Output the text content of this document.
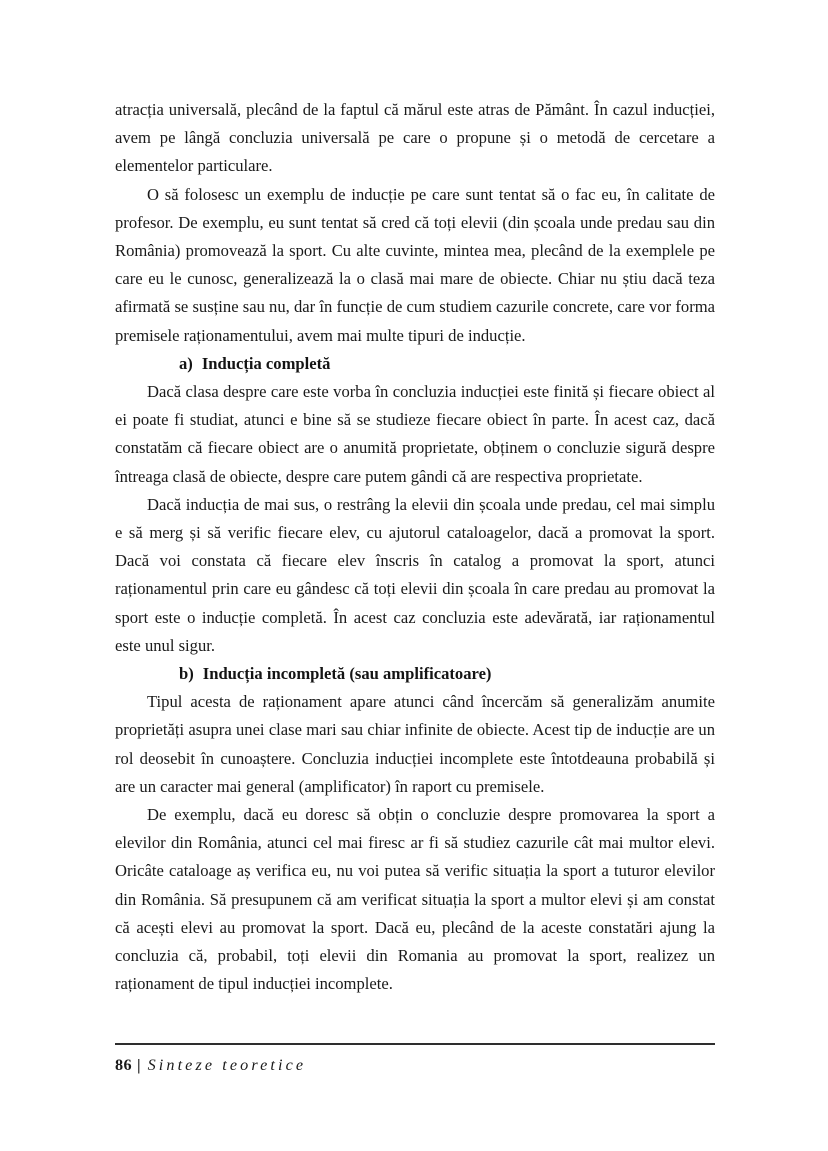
atracția universală, plecând de la faptul că mărul este atras de Pământ. În cazul inducției, avem pe lângă concluzia universală pe care o propune și o metodă de cercetare a elementelor particulare.

O să folosesc un exemplu de inducție pe care sunt tentat să o fac eu, în calitate de profesor. De exemplu, eu sunt tentat să cred că toți elevii (din școala unde predau sau din România) promovează la sport. Cu alte cuvinte, mintea mea, plecând de la exemplele pe care eu le cunosc, generalizează la o clasă mai mare de obiecte. Chiar nu știu dacă teza afirmată se susține sau nu, dar în funcție de cum studiem cazurile concrete, care vor forma premisele raționamentului, avem mai multe tipuri de inducție.

a) Inducția completă

Dacă clasa despre care este vorba în concluzia inducției este finită și fiecare obiect al ei poate fi studiat, atunci e bine să se studieze fiecare obiect în parte. În acest caz, dacă constatăm că fiecare obiect are o anumită proprietate, obținem o concluzie sigură despre întreaga clasă de obiecte, despre care putem gândi că are respectiva proprietate.

Dacă inducția de mai sus, o restrâng la elevii din școala unde predau, cel mai simplu e să merg și să verific fiecare elev, cu ajutorul cataloagelor, dacă a promovat la sport. Dacă voi constata că fiecare elev înscris în catalog a promovat la sport, atunci raționamentul prin care eu gândesc că toți elevii din școala în care predau au promovat la sport este o inducție completă. În acest caz concluzia este adevărată, iar raționamentul este unul sigur.

b) Inducția incompletă (sau amplificatoare)

Tipul acesta de raționament apare atunci când încercăm să generalizăm anumite proprietăți asupra unei clase mari sau chiar infinite de obiecte. Acest tip de inducție are un rol deosebit în cunoaștere. Concluzia inducției incomplete este întotdeauna probabilă și are un caracter mai general (amplificator) în raport cu premisele.

De exemplu, dacă eu doresc să obțin o concluzie despre promovarea la sport a elevilor din România, atunci cel mai firesc ar fi să studiez cazurile cât mai multor elevi. Oricâte cataloage aș verifica eu, nu voi putea să verific situația la sport a tuturor elevilor din România. Să presupunem că am verificat situația la sport a multor elevi și am constat că acești elevi au promovat la sport. Dacă eu, plecând de la aceste constatări ajung la concluzia că, probabil, toți elevii din Romania au promovat la sport, realizez un raționament de tipul inducției incomplete.

86 | Sinteze teoretice
